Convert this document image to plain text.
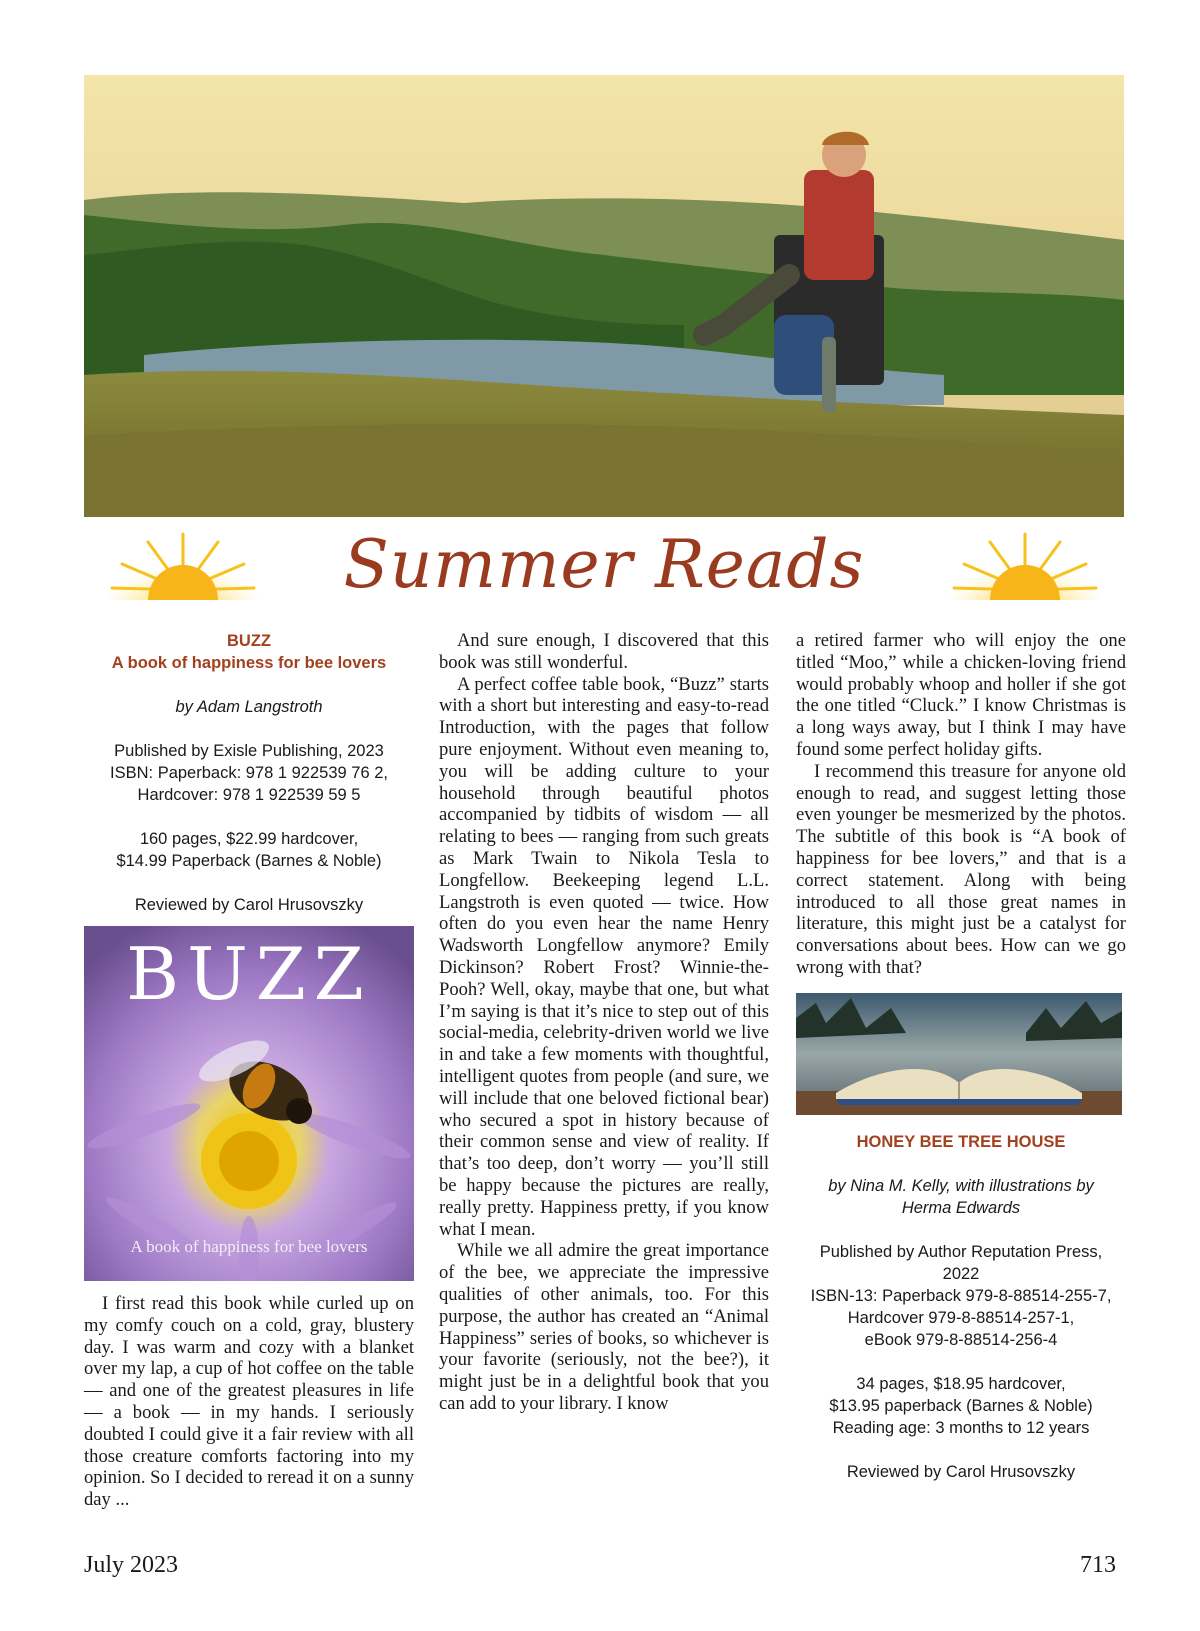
Summer Reads

BUZZ

A book of happiness for bee lovers

by Adam Langstroth

Published by Exisle Publishing, 2023

ISBN: Paperback: 978 1 922539 76 2,

Hardcover: 978 1 922539 59 5

160 pages, $22.99 hardcover,

$14.99 Paperback (Barnes & Noble)

Reviewed by Carol Hrusovszky

BUZZ
A book of happiness for bee lovers

I first read this book while curled up on my comfy couch on a cold, gray, blustery day. I was warm and cozy with a blanket over my lap, a cup of hot coffee on the table — and one of the greatest pleasures in life — a book — in my hands. I seriously doubted I could give it a fair review with all those creature comforts factoring into my opinion. So I decided to reread it on a sunny day ...

And sure enough, I discovered that this book was still wonderful.

A perfect coffee table book, “Buzz” starts with a short but interesting and easy-to-read Introduction, with the pages that follow pure enjoyment. Without even meaning to, you will be adding culture to your household through beautiful photos accompanied by tidbits of wisdom — all relating to bees — ranging from such greats as Mark Twain to Nikola Tesla to Longfellow. Beekeeping legend L.L. Langstroth is even quoted — twice. How often do you even hear the name Henry Wadsworth Longfellow anymore? Emily Dickinson? Robert Frost? Winnie-the-Pooh? Well, okay, maybe that one, but what I’m saying is that it’s nice to step out of this social-media, celebrity-driven world we live in and take a few moments with thoughtful, intelligent quotes from people (and sure, we will include that one beloved fictional bear) who secured a spot in history because of their common sense and view of reality. If that’s too deep, don’t worry — you’ll still be happy because the pictures are really, really pretty. Happiness pretty, if you know what I mean.

While we all admire the great importance of the bee, we appreciate the impressive qualities of other animals, too. For this purpose, the author has created an “Animal Happiness” series of books, so whichever is your favorite (seriously, not the bee?), it might just be in a delightful book that you can add to your library. I know

a retired farmer who will enjoy the one titled “Moo,” while a chicken-loving friend would probably whoop and holler if she got the one titled “Cluck.” I know Christmas is a long ways away, but I think I may have found some perfect holiday gifts.

I recommend this treasure for anyone old enough to read, and suggest letting those even younger be mesmerized by the photos. The subtitle of this book is “A book of happiness for bee lovers,” and that is a correct statement. Along with being introduced to all those great names in literature, this might just be a catalyst for conversations about bees. How can we go wrong with that?

HONEY BEE TREE HOUSE

by Nina M. Kelly, with illustrations by

Herma Edwards

Published by Author Reputation Press,

2022

ISBN-13: Paperback 979-8-88514-255-7,

Hardcover 979-8-88514-257-1,

eBook 979-8-88514-256-4

34 pages, $18.95 hardcover,

$13.95 paperback (Barnes & Noble)

Reading age: 3 months to 12 years

Reviewed by Carol Hrusovszky

July 2023	713
